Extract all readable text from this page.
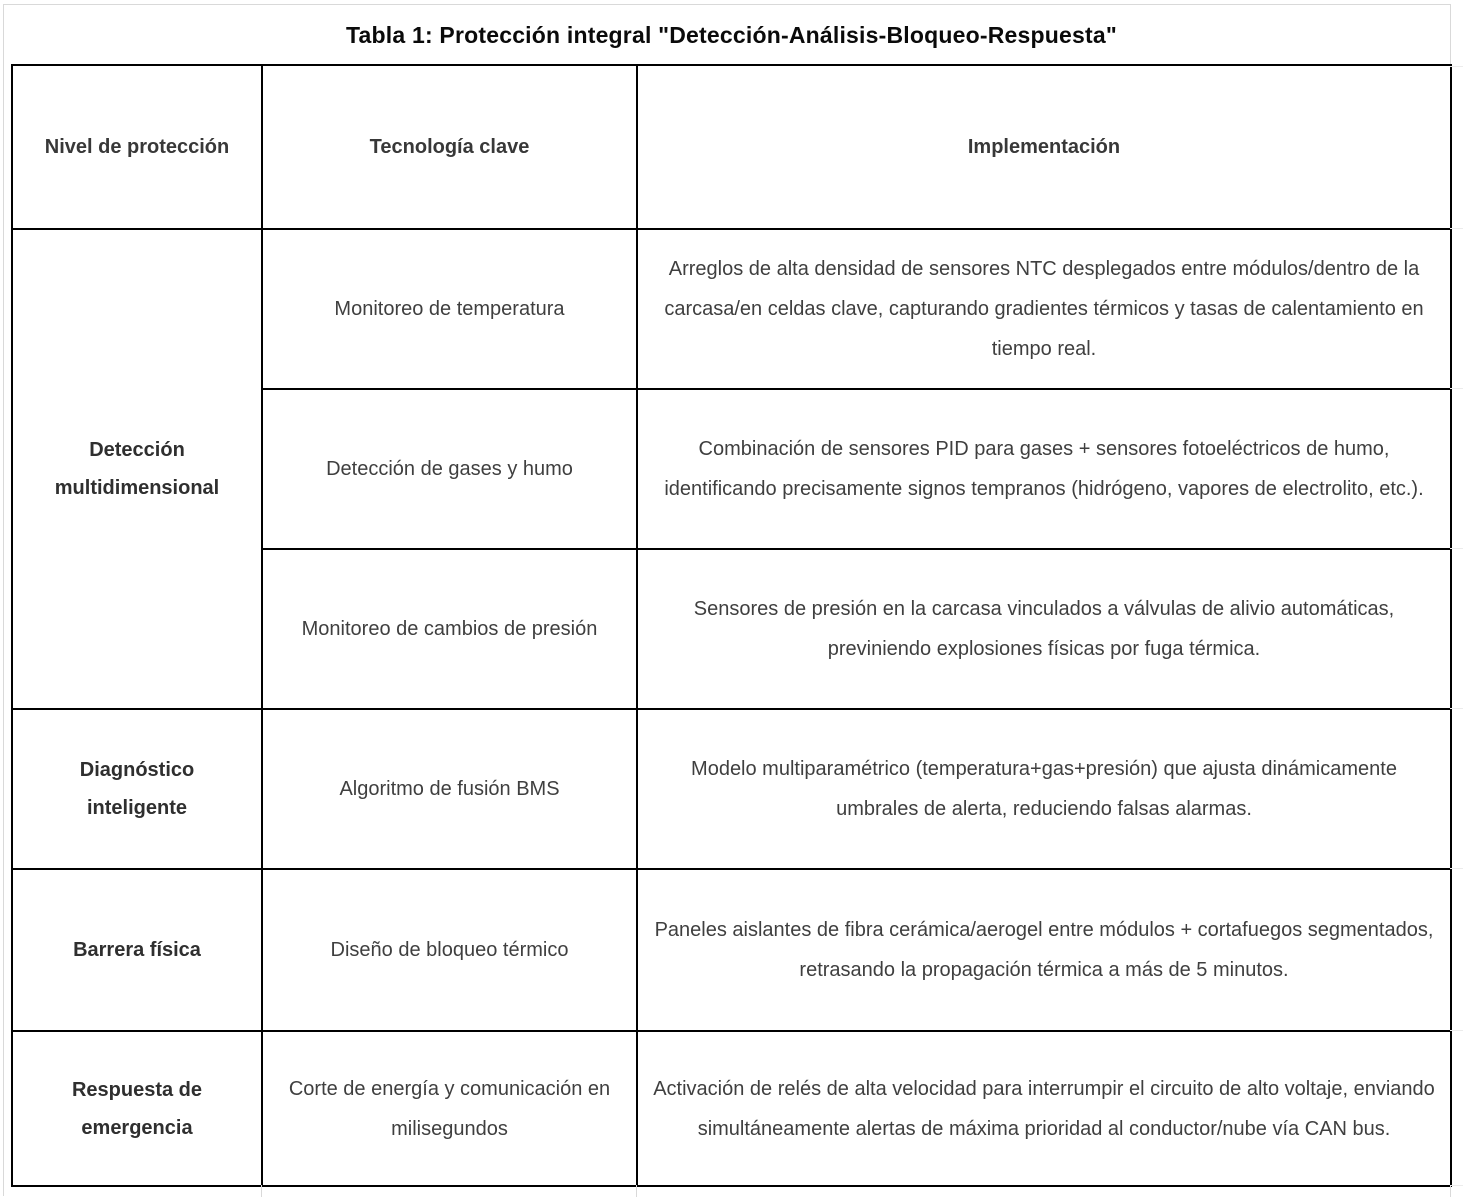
Tabla 1: Protección integral "Detección-Análisis-Bloqueo-Respuesta"
Nivel de protección	Tecnología clave	Implementación
Detección multidimensional	Monitoreo de temperatura	Arreglos de alta densidad de sensores NTC desplegados entre módulos/dentro de la carcasa/en celdas clave, capturando gradientes térmicos y tasas de calentamiento en tiempo real.
	Detección de gases y humo	Combinación de sensores PID para gases + sensores fotoeléctricos de humo, identificando precisamente signos tempranos (hidrógeno, vapores de electrolito, etc.).
	Monitoreo de cambios de presión	Sensores de presión en la carcasa vinculados a válvulas de alivio automáticas, previniendo explosiones físicas por fuga térmica.
Diagnóstico inteligente	Algoritmo de fusión BMS	Modelo multiparamétrico (temperatura+gas+presión) que ajusta dinámicamente umbrales de alerta, reduciendo falsas alarmas.
Barrera física	Diseño de bloqueo térmico	Paneles aislantes de fibra cerámica/aerogel entre módulos + cortafuegos segmentados, retrasando la propagación térmica a más de 5 minutos.
Respuesta de emergencia	Corte de energía y comunicación en milisegundos	Activación de relés de alta velocidad para interrumpir el circuito de alto voltaje, enviando simultáneamente alertas de máxima prioridad al conductor/nube vía CAN bus.
